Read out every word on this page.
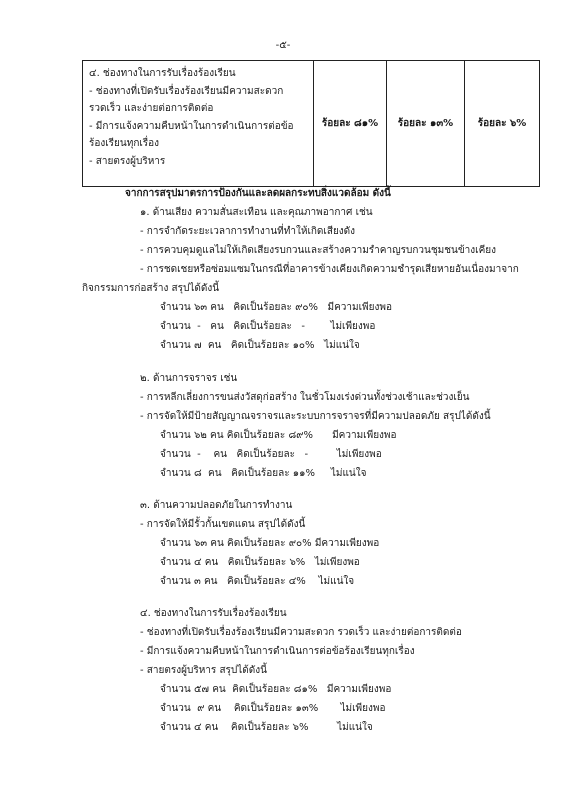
-๕-
๔. ช่องทางในการรับเรื่องร้องเรียน
- ช่องทางที่เปิดรับเรื่องร้องเรียนมีความสะดวก
รวดเร็ว และง่ายต่อการติดต่อ
- มีการแจ้งความคืบหน้าในการดำเนินการต่อข้อ
ร้องเรียนทุกเรื่อง
- สายตรงผู้บริหาร
	ร้อยละ ๘๑%	ร้อยละ ๑๓%	ร้อยละ ๖%
จากการสรุปมาตรการป้องกันและลดผลกระทบสิ่งแวดล้อม ดังนี้
๑. ด้านเสียง ความสั่นสะเทือน และคุณภาพอากาศ เช่น
- การจำกัดระยะเวลาการทำงานที่ทำให้เกิดเสียงดัง
- การควบคุมดูแลไม่ให้เกิดเสียงรบกวนและสร้างความรำคาญรบกวนชุมชนข้างเคียง
- การชดเชยหรือซ่อมแซมในกรณีที่อาคารข้างเคียงเกิดความชำรุดเสียหายอันเนื่องมาจาก
กิจกรรมการก่อสร้าง สรุปได้ดังนี้
จำนวน ๖๓ คน   คิดเป็นร้อยละ ๙๐%   มีความเพียงพอ
จำนวน  -   คน   คิดเป็นร้อยละ   -        ไม่เพียงพอ
จำนวน ๗  คน   คิดเป็นร้อยละ ๑๐%   ไม่แน่ใจ
๒. ด้านการจราจร เช่น
- การหลีกเลี่ยงการขนส่งวัสดุก่อสร้าง ในชั่วโมงเร่งด่วนทั้งช่วงเช้าและช่วงเย็น
- การจัดให้มีป้ายสัญญาณจราจรและระบบการจราจรที่มีความปลอดภัย สรุปได้ดังนี้
จำนวน ๖๒ คน คิดเป็นร้อยละ ๘๙%      มีความเพียงพอ
จำนวน  -    คน   คิดเป็นร้อยละ   -         ไม่เพียงพอ
จำนวน ๘  คน   คิดเป็นร้อยละ ๑๑%     ไม่แน่ใจ
๓. ด้านความปลอดภัยในการทำงาน
- การจัดให้มีรั้วกั้นเขตแดน สรุปได้ดังนี้
จำนวน ๖๓ คน คิดเป็นร้อยละ ๙๐% มีความเพียงพอ
จำนวน ๔ คน   คิดเป็นร้อยละ ๖%   ไม่เพียงพอ
จำนวน ๓ คน   คิดเป็นร้อยละ ๔%    ไม่แน่ใจ
๔. ช่องทางในการรับเรื่องร้องเรียน
- ช่องทางที่เปิดรับเรื่องร้องเรียนมีความสะดวก รวดเร็ว และง่ายต่อการติดต่อ
- มีการแจ้งความคืบหน้าในการดำเนินการต่อข้อร้องเรียนทุกเรื่อง
- สายตรงผู้บริหาร สรุปได้ดังนี้
จำนวน ๕๗ คน  คิดเป็นร้อยละ ๘๑%   มีความเพียงพอ
จำนวน  ๙ คน    คิดเป็นร้อยละ ๑๓%       ไม่เพียงพอ
จำนวน ๔ คน    คิดเป็นร้อยละ ๖%         ไม่แน่ใจ
